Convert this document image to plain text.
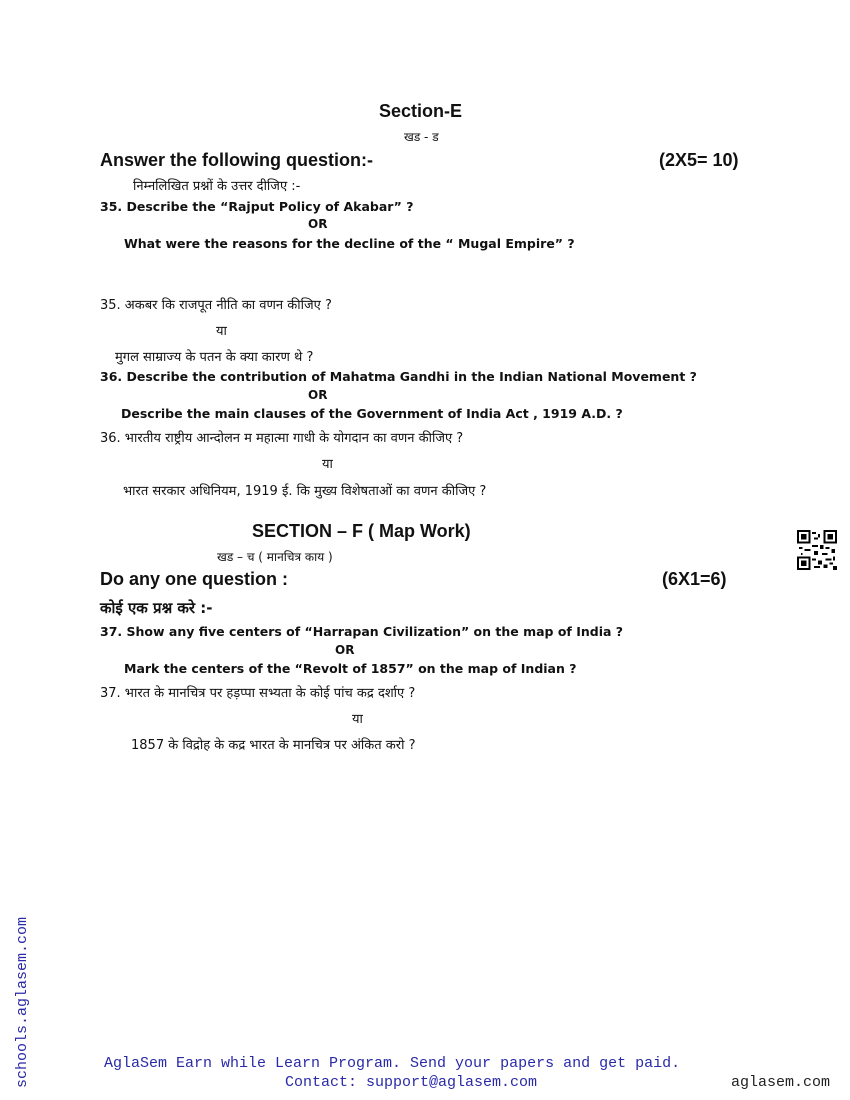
Section-E
खड - ड
Answer the following question:-	(2X5= 10)
निम्नलिखित प्रश्नों के उत्तर दीजिए :-
35. Describe the “Rajput Policy of Akabar” ?
OR
What were the reasons for the decline of the “ Mugal Empire” ?
35. अकबर कि राजपूत नीति का वणन कीजिए ?
या
मुगल साम्राज्य के पतन के क्या कारण थे ?
36. Describe the contribution of Mahatma Gandhi in the Indian National Movement ?
OR
Describe the main clauses of the Government of India Act , 1919 A.D. ?
36. भारतीय राष्ट्रीय आन्दोलन म महात्मा गाधी के योगदान का वणन कीजिए ?
या
भारत सरकार अधिनियम, 1919 ई. कि मुख्य विशेषताओं का वणन कीजिए ?
SECTION – F ( Map Work)
खड – च ( मानचित्र काय )
Do any one question :	(6X1=6)
कोई एक प्रश्न करे :-
37. Show any five centers of “Harrapan Civilization” on the map of India ?
OR
Mark the centers of the “Revolt of 1857” on the map of Indian ?
37. भारत के मानचित्र पर हड़प्पा सभ्यता के कोई पांच कद्र दर्शाए ?
या
1857 के विद्रोह के कद्र भारत के मानचित्र पर अंकित करो ?
schools.aglasem.com	AglaSem Earn while Learn Program. Send your papers and get paid.
Contact: support@aglasem.com	aglasem.com
